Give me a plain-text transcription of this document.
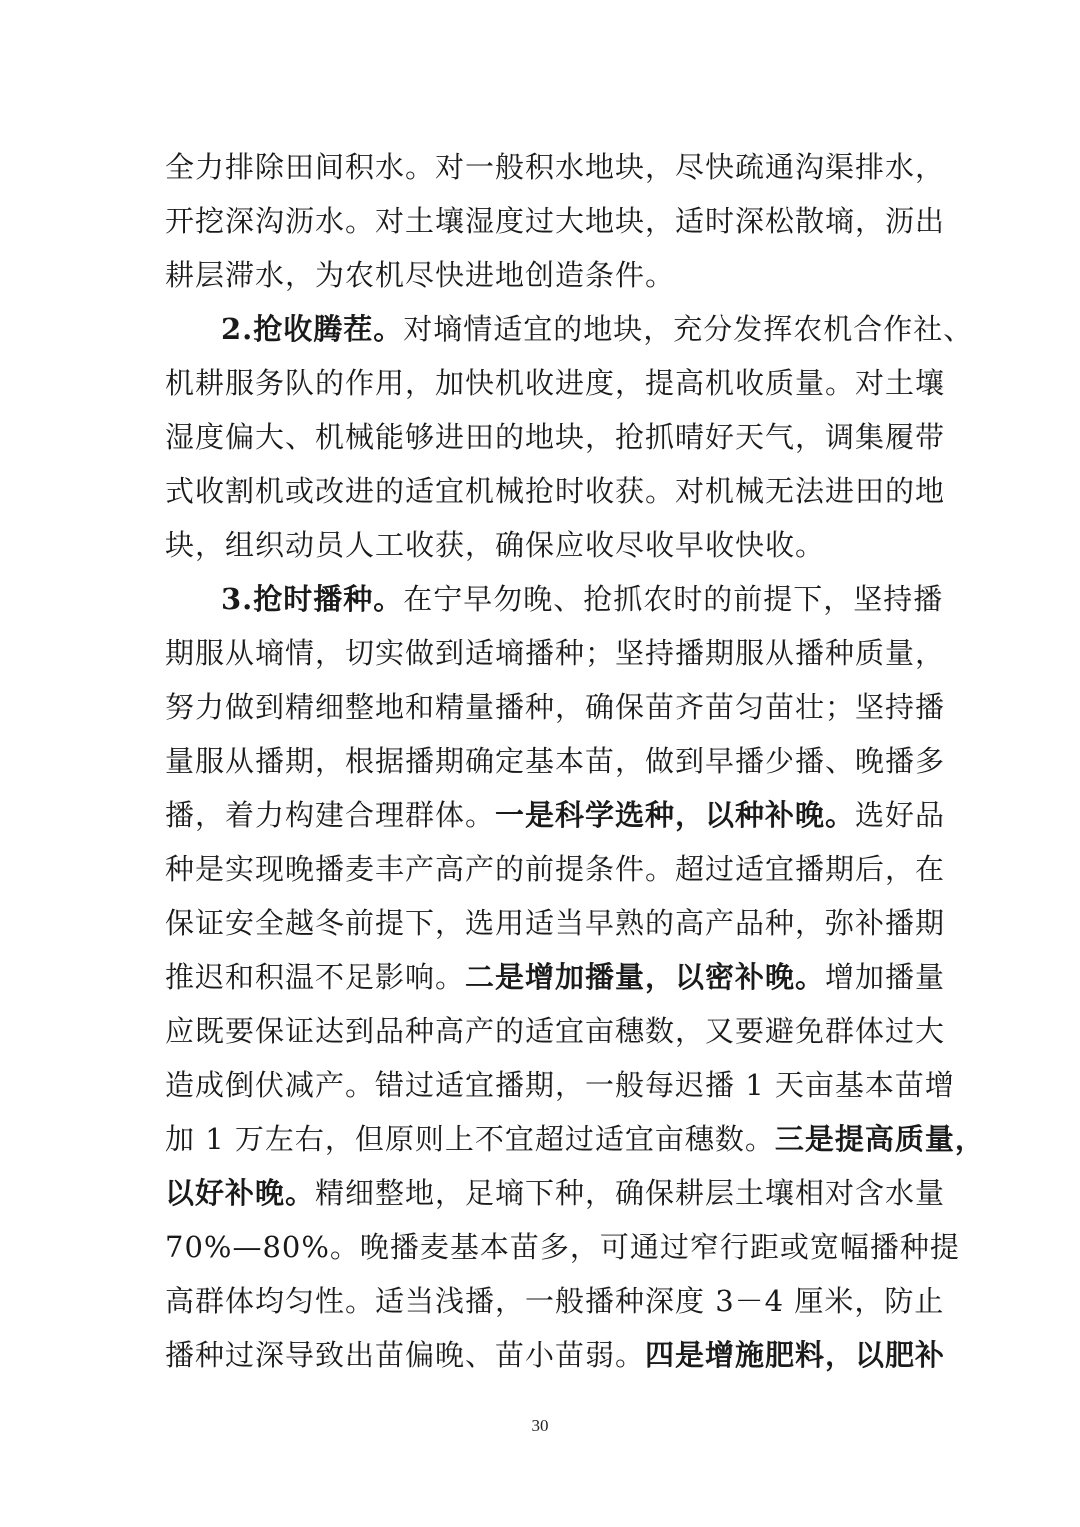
全力排除田间积水。对一般积水地块，尽快疏通沟渠排水，
开挖深沟沥水。对土壤湿度过大地块，适时深松散墒，沥出
耕层滞水，为农机尽快进地创造条件。
2.抢收腾茬。对墒情适宜的地块，充分发挥农机合作社、
机耕服务队的作用，加快机收进度，提高机收质量。对土壤
湿度偏大、机械能够进田的地块，抢抓晴好天气，调集履带
式收割机或改进的适宜机械抢时收获。对机械无法进田的地
块，组织动员人工收获，确保应收尽收早收快收。
3.抢时播种。在宁早勿晚、抢抓农时的前提下，坚持播
期服从墒情，切实做到适墒播种；坚持播期服从播种质量，
努力做到精细整地和精量播种，确保苗齐苗匀苗壮；坚持播
量服从播期，根据播期确定基本苗，做到早播少播、晚播多
播，着力构建合理群体。一是科学选种，以种补晚。选好品
种是实现晚播麦丰产高产的前提条件。超过适宜播期后，在
保证安全越冬前提下，选用适当早熟的高产品种，弥补播期
推迟和积温不足影响。二是增加播量，以密补晚。增加播量
应既要保证达到品种高产的适宜亩穗数，又要避免群体过大
造成倒伏减产。错过适宜播期，一般每迟播 1 天亩基本苗增
加 1 万左右，但原则上不宜超过适宜亩穗数。三是提高质量，
以好补晚。精细整地，足墒下种，确保耕层土壤相对含水量
70%—80%。晚播麦基本苗多，可通过窄行距或宽幅播种提
高群体均匀性。适当浅播，一般播种深度 3－4 厘米，防止
播种过深导致出苗偏晚、苗小苗弱。四是增施肥料，以肥补
30
